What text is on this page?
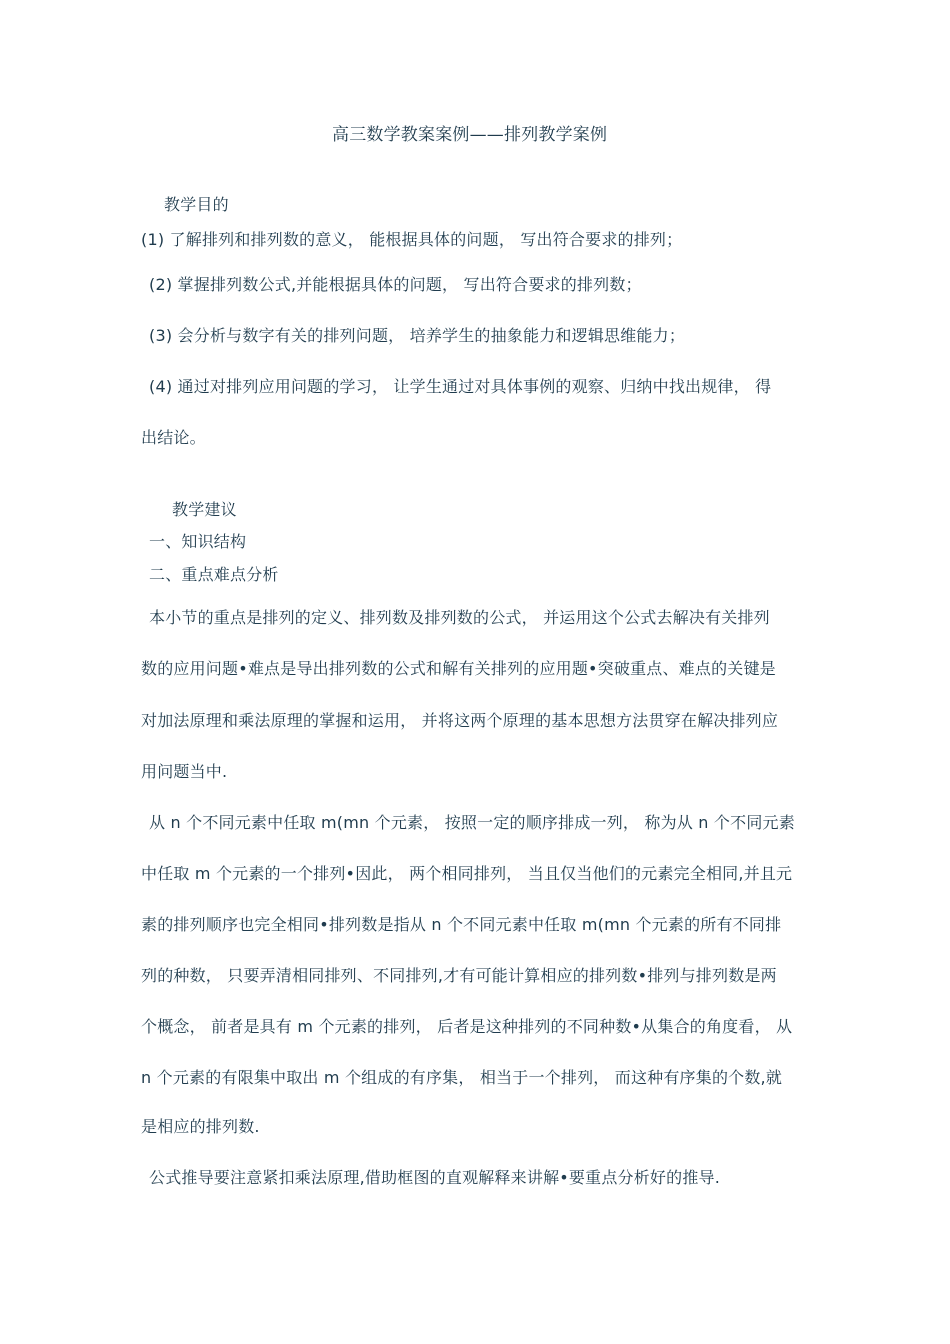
高三数学教案案例——排列教学案例
教学目的
(1) 了解排列和排列数的意义， 能根据具体的问题， 写出符合要求的排列；
(2) 掌握排列数公式,并能根据具体的问题， 写出符合要求的排列数；
(3) 会分析与数字有关的排列问题， 培养学生的抽象能力和逻辑思维能力；
(4) 通过对排列应用问题的学习， 让学生通过对具体事例的观察、归纳中找出规律， 得
出结论。
教学建议
一、知识结构
二、重点难点分析
本小节的重点是排列的定义、排列数及排列数的公式， 并运用这个公式去解决有关排列
数的应用问题•难点是导出排列数的公式和解有关排列的应用题•突破重点、难点的关键是
对加法原理和乘法原理的掌握和运用， 并将这两个原理的基本思想方法贯穿在解决排列应
用问题当中.
从 n 个不同元素中任取 m(mn 个元素， 按照一定的顺序排成一列， 称为从 n 个不同元素
中任取 m 个元素的一个排列•因此， 两个相同排列， 当且仅当他们的元素完全相同,并且元
素的排列顺序也完全相同•排列数是指从 n 个不同元素中任取 m(mn 个元素的所有不同排
列的种数， 只要弄清相同排列、不同排列,才有可能计算相应的排列数•排列与排列数是两
个概念， 前者是具有 m 个元素的排列， 后者是这种排列的不同种数•从集合的角度看， 从
n 个元素的有限集中取出 m 个组成的有序集， 相当于一个排列， 而这种有序集的个数,就
是相应的排列数.
公式推导要注意紧扣乘法原理,借助框图的直观解释来讲解•要重点分析好的推导.
